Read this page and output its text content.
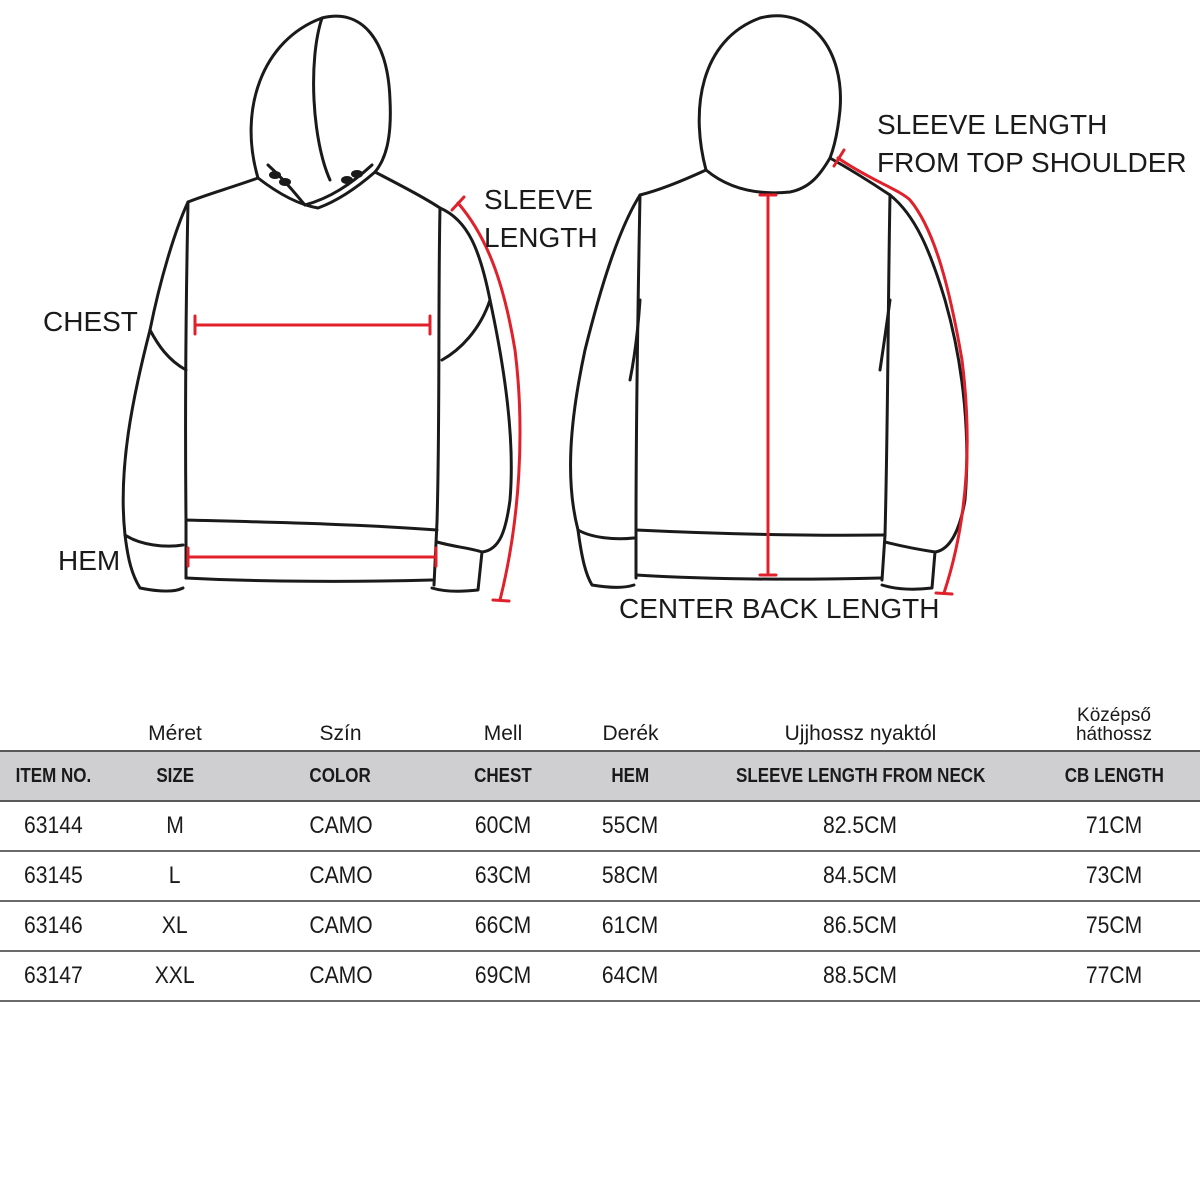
CHEST
HEM
SLEEVE
LENGTH
SLEEVE LENGTH
FROM TOP SHOULDER
CENTER BACK LENGTH
	Méret	Szín	Mell	Derék	Ujjhossz nyaktól	Középső
háthossz
ITEM NO.	SIZE	COLOR	CHEST	HEM	SLEEVE LENGTH FROM NECK	CB LENGTH
63144	M	CAMO	60CM	55CM	82.5CM	71CM
63145	L	CAMO	63CM	58CM	84.5CM	73CM
63146	XL	CAMO	66CM	61CM	86.5CM	75CM
63147	XXL	CAMO	69CM	64CM	88.5CM	77CM
